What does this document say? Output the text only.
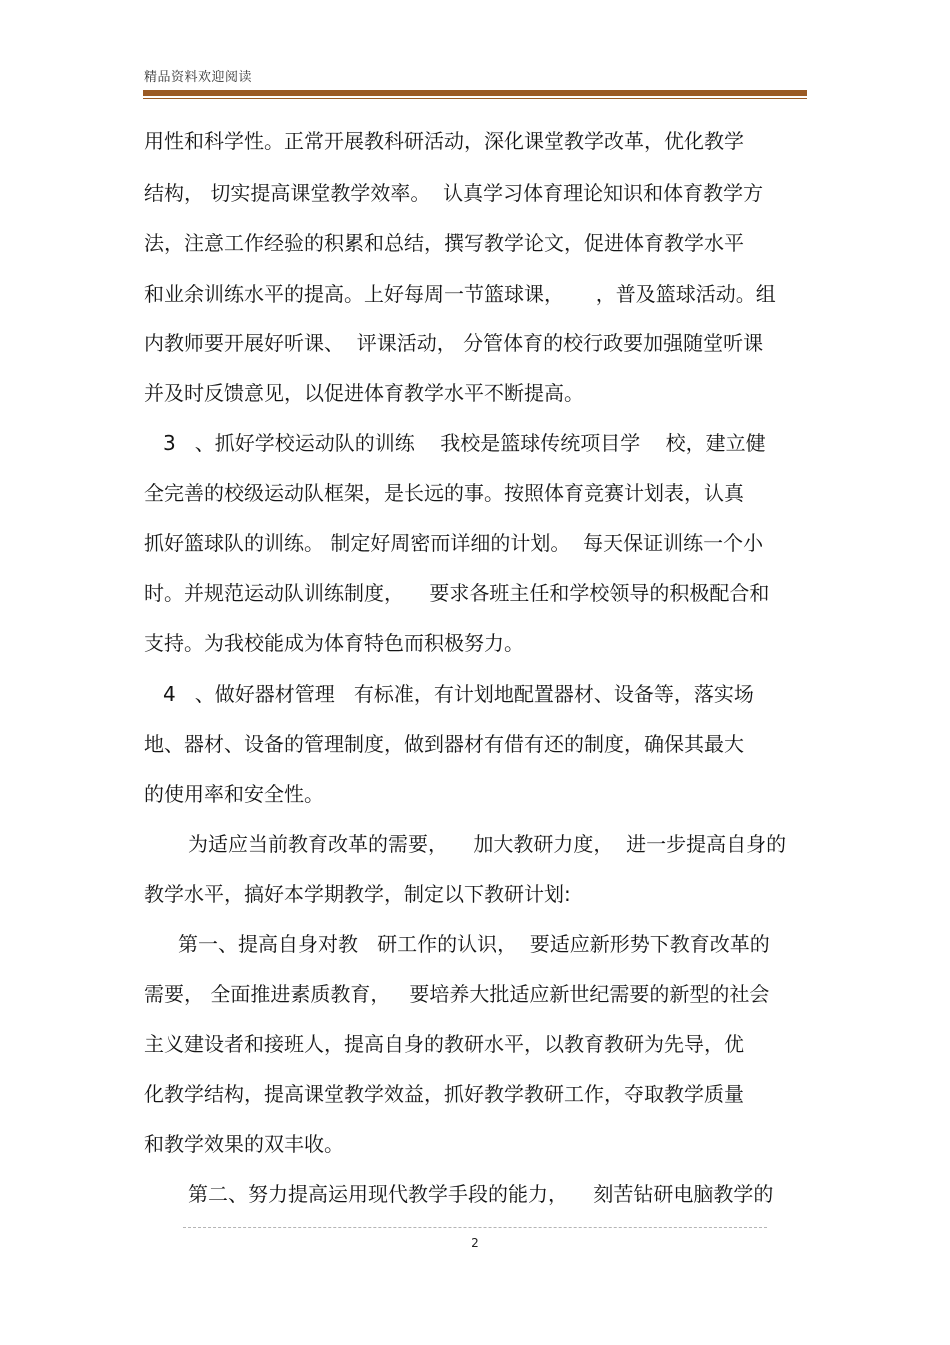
精品资料欢迎阅读
用性和科学性。正常开展教科研活动，深化课堂教学改革，优化教学
结构， 切实提高课堂教学效率。  认真学习体育理论知识和体育教学方
法，注意工作经验的积累和总结，撰写教学论文，促进体育教学水平
和业余训练水平的提高。上好每周一节篮球课，     ，普及篮球活动。组
内教师要开展好听课、  评课活动， 分管体育的校行政要加强随堂听课
并及时反馈意见，以促进体育教学水平不断提高。
3   、抓好学校运动队的训练    我校是篮球传统项目学    校，建立健
全完善的校级运动队框架，是长远的事。按照体育竞赛计划表，认真
抓好篮球队的训练。 制定好周密而详细的计划。  每天保证训练一个小
时。并规范运动队训练制度，    要求各班主任和学校领导的积极配合和
支持。为我校能成为体育特色而积极努力。
4   、做好器材管理   有标准，有计划地配置器材、设备等，落实场
地、器材、设备的管理制度，做到器材有借有还的制度，确保其最大
的使用率和安全性。
为适应当前教育改革的需要，    加大教研力度，  进一步提高自身的
教学水平，搞好本学期教学，制定以下教研计划:
第一、提高自身对教   研工作的认识，  要适应新形势下教育改革的
需要， 全面推进素质教育，   要培养大批适应新世纪需要的新型的社会
主义建设者和接班人，提高自身的教研水平，以教育教研为先导，优
化教学结构，提高课堂教学效益，抓好教学教研工作，夺取教学质量
和教学效果的双丰收。
第二、努力提高运用现代教学手段的能力，    刻苦钻研电脑教学的
2
